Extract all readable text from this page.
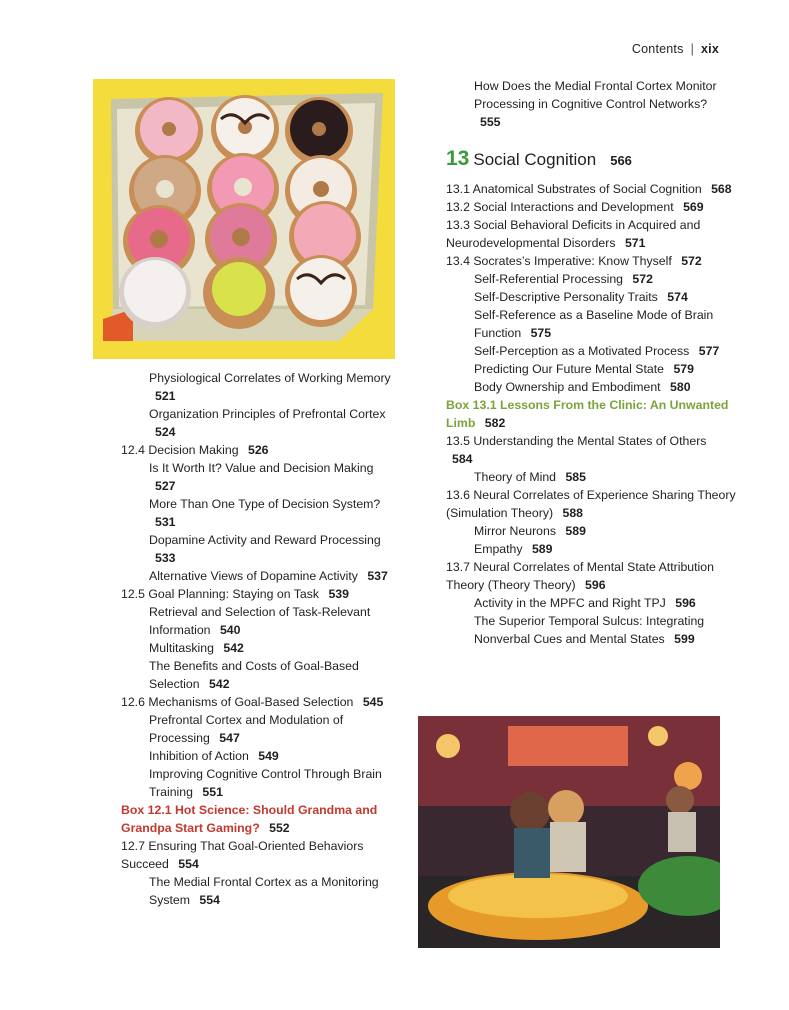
Contents | xix

Physiological Correlates of Working Memory 521

Organization Principles of Prefrontal Cortex 524

12.4 Decision Making 526

Is It Worth It? Value and Decision Making 527

More Than One Type of Decision System? 531

Dopamine Activity and Reward Processing 533

Alternative Views of Dopamine Activity 537

12.5 Goal Planning: Staying on Task 539

Retrieval and Selection of Task-Relevant Information 540

Multitasking 542

The Benefits and Costs of Goal-Based Selection 542

12.6 Mechanisms of Goal-Based Selection 545

Prefrontal Cortex and Modulation of Processing 547

Inhibition of Action 549

Improving Cognitive Control Through Brain Training 551

Box 12.1 Hot Science: Should Grandma and Grandpa Start Gaming? 552

12.7 Ensuring That Goal-Oriented Behaviors Succeed 554

The Medial Frontal Cortex as a Monitoring System 554

How Does the Medial Frontal Cortex Monitor Processing in Cognitive Control Networks? 555

13 Social Cognition 566

13.1 Anatomical Substrates of Social Cognition 568

13.2 Social Interactions and Development 569

13.3 Social Behavioral Deficits in Acquired and Neurodevelopmental Disorders 571

13.4 Socrates’s Imperative: Know Thyself 572

Self-Referential Processing 572

Self-Descriptive Personality Traits 574

Self-Reference as a Baseline Mode of Brain Function 575

Self-Perception as a Motivated Process 577

Predicting Our Future Mental State 579

Body Ownership and Embodiment 580

Box 13.1 Lessons From the Clinic: An Unwanted Limb 582

13.5 Understanding the Mental States of Others 584

Theory of Mind 585

13.6 Neural Correlates of Experience Sharing Theory (Simulation Theory) 588

Mirror Neurons 589

Empathy 589

13.7 Neural Correlates of Mental State Attribution Theory (Theory Theory) 596

Activity in the MPFC and Right TPJ 596

The Superior Temporal Sulcus: Integrating Nonverbal Cues and Mental States 599
